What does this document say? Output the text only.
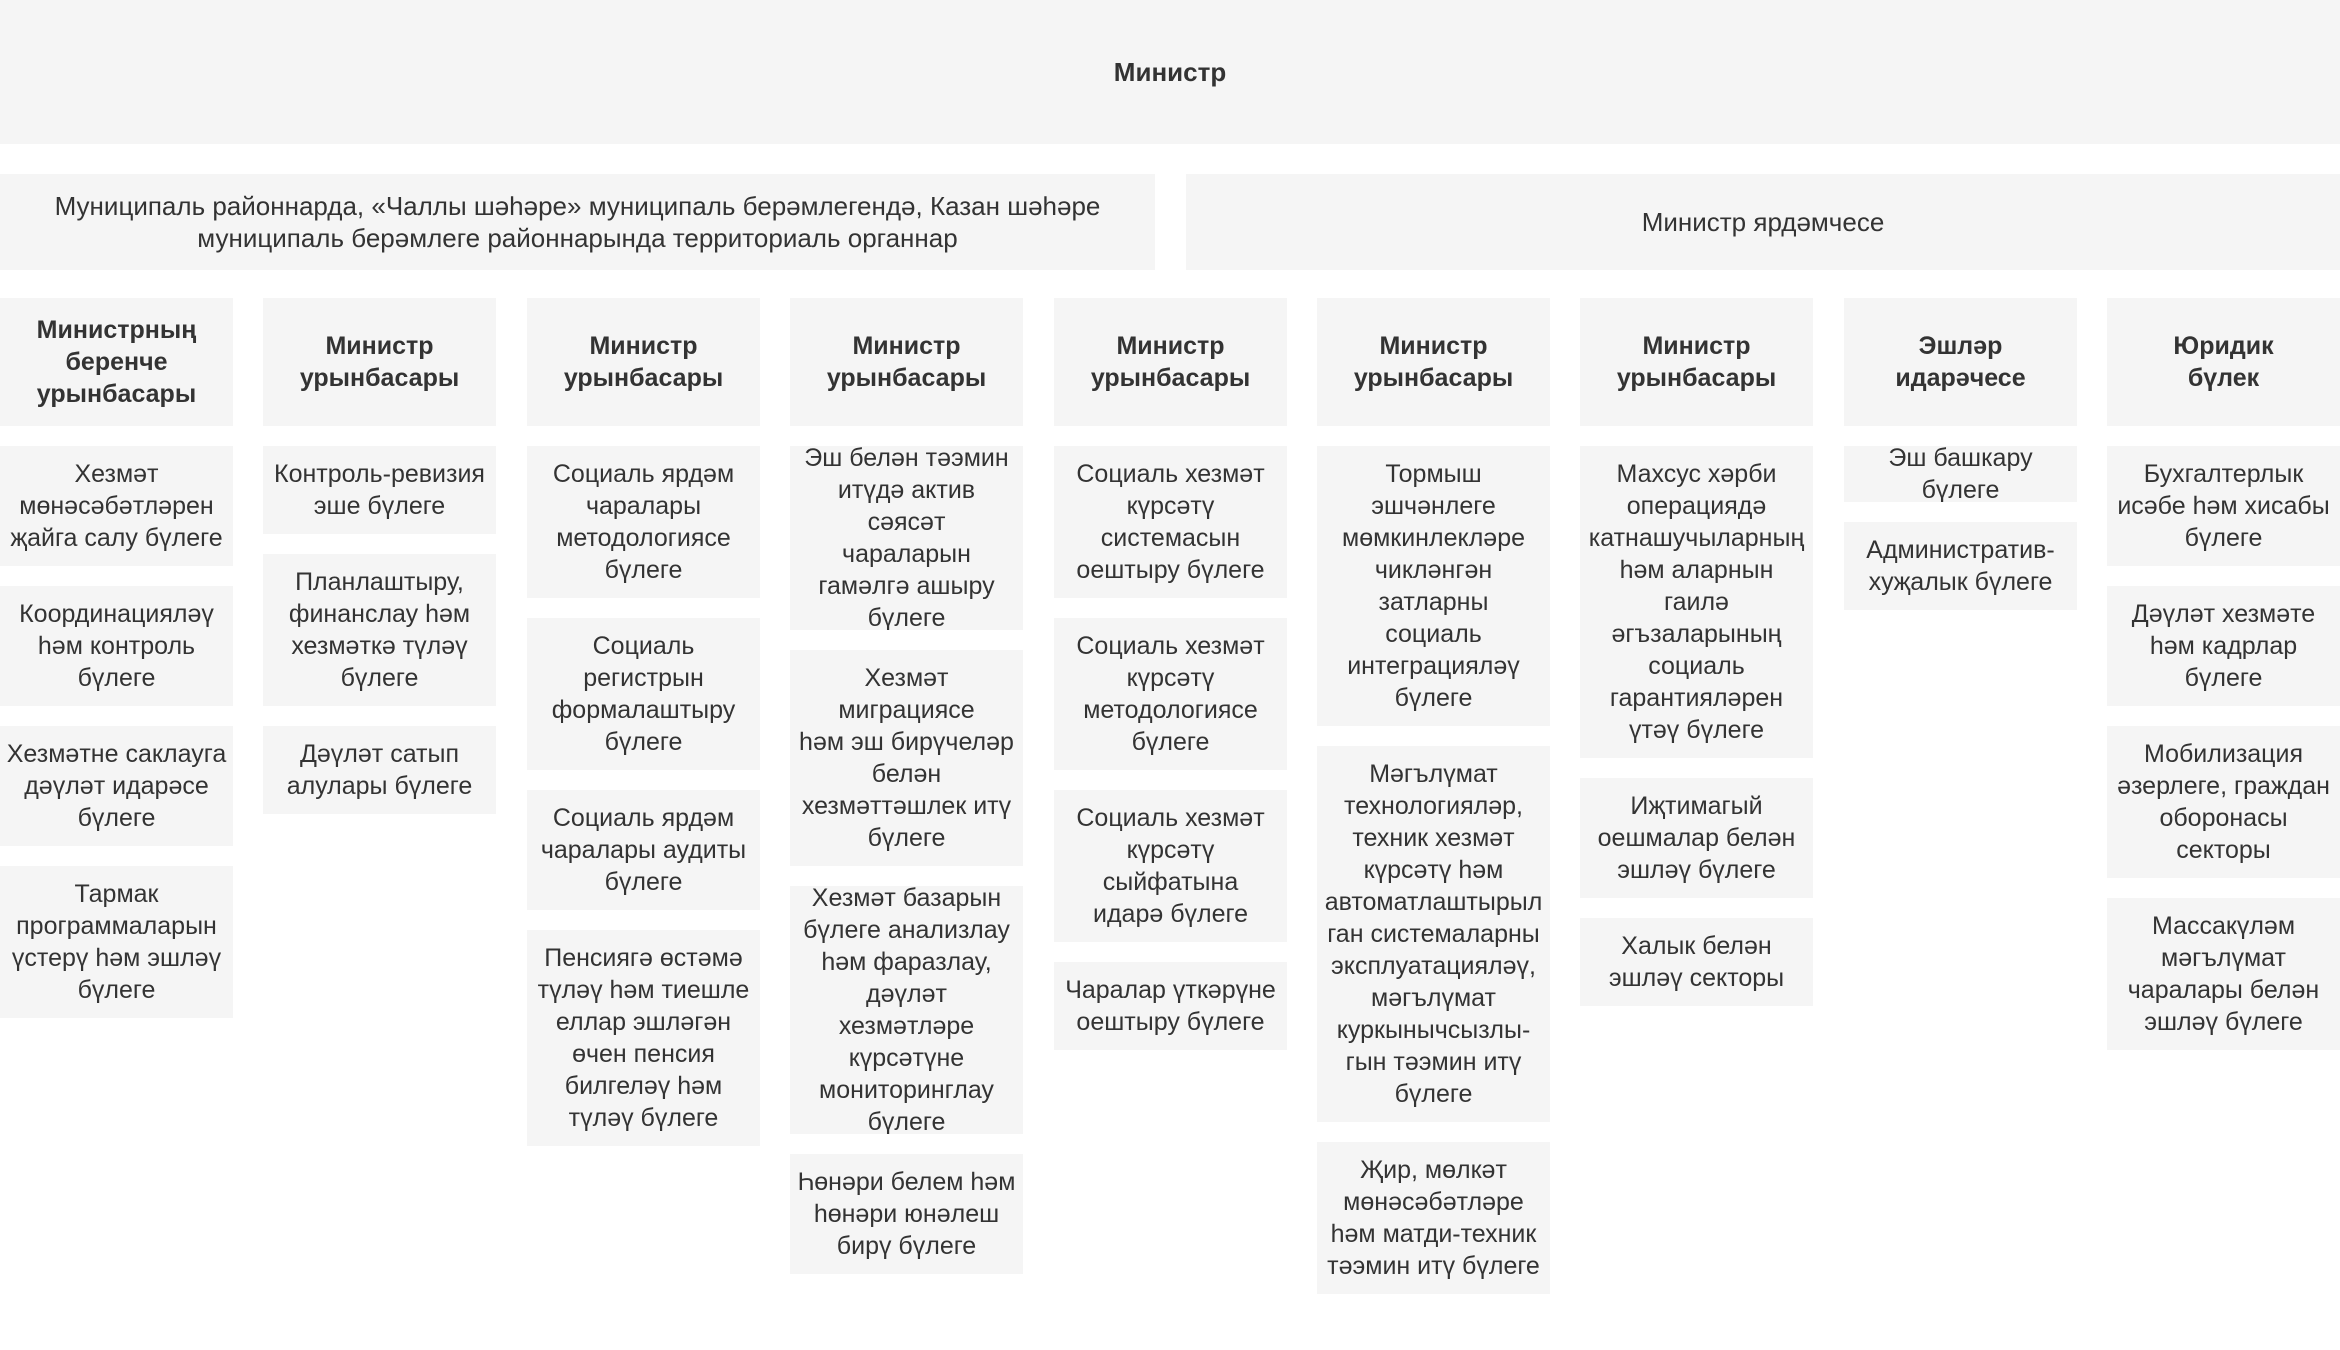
Министр
Муниципаль районнарда, «Чаллы шәһәре» муниципаль берәмлегендә, Казан шәһәре
муниципаль берәмлеге районнарында территориаль органнар
Министр ярдәмчесе
Министрның
беренче
урынбасары
Хезмәт
мөнәсәбәтләрен
җайга салу бүлеге
Координацияләү
һәм контроль
бүлеге
Хезмәтне саклауга
дәүләт идарәсе
бүлеге
Тармак
программаларын
үстерү һәм эшләү
бүлеге
Министр
урынбасары
Контроль-ревизия
эше бүлеге
Планлаштыру,
финанслау һәм
хезмәткә түләү
бүлеге
Дәүләт сатып
алулары бүлеге
Министр
урынбасары
Социаль ярдәм
чаралары
методологиясе
бүлеге
Социаль
регистрын
формалаштыру
бүлеге
Социаль ярдәм
чаралары аудиты
бүлеге
Пенсиягә өстәмә
түләү һәм тиешле
еллар эшләгән
өчен пенсия
билгеләү һәм
түләү бүлеге
Министр
урынбасары
Эш белән тәэмин
итүдә актив сәясәт
чараларын
гамәлгә ашыру
бүлеге
Хезмәт
миграциясе
һәм эш бирүчеләр
белән
хезмәттәшлек итү
бүлеге
Хезмәт базарын
бүлеге анализлау
һәм фаразлау,
дәүләт хезмәтләре
күрсәтүне
мониторинглау
бүлеге
Һөнәри белем һәм
һөнәри юнәлеш
бирү бүлеге
Министр
урынбасары
Социаль хезмәт
күрсәтү
системасын
оештыру бүлеге
Социаль хезмәт
күрсәтү
методологиясе
бүлеге
Социаль хезмәт
күрсәтү
сыйфатына
идарә бүлеге
Чаралар үткәрүне
оештыру бүлеге
Министр
урынбасары
Тормыш
эшчәнлеге
мөмкинлекләре
чикләнгән
затларны
социаль
интеграцияләү
бүлеге
Мәгълүмат
технологияләр,
техник хезмәт
күрсәтү һәм
автоматлаштырыл
ган системаларны
эксплуатацияләү,
мәгълүмат
куркынычсызлы-
гын тәэмин итү
бүлеге
Җир, мөлкәт
мөнәсәбәтләре
һәм матди-техник
тәэмин итү бүлеге
Министр
урынбасары
Махсус хәрби
операциядә
катнашучыларның
һәм аларнын
гаилә
әгъзаларының
социаль
гарантияләрен
үтәү бүлеге
Иҗтимагый
оешмалар белән
эшләү бүлеге
Халык белән
эшләү секторы
Эшләр
идарәчесе
Эш башкару бүлеге
Административ-
хуҗалык бүлеге
Юридик
бүлек
Бухгалтерлык
исәбе һәм хисабы
бүлеге
Дәүләт хезмәте
һәм кадрлар
бүлеге
Мобилизация
әзерлеге, граждан
оборонасы
секторы
Массакүләм
мәгълүмат
чаралары белән
эшләү бүлеге
